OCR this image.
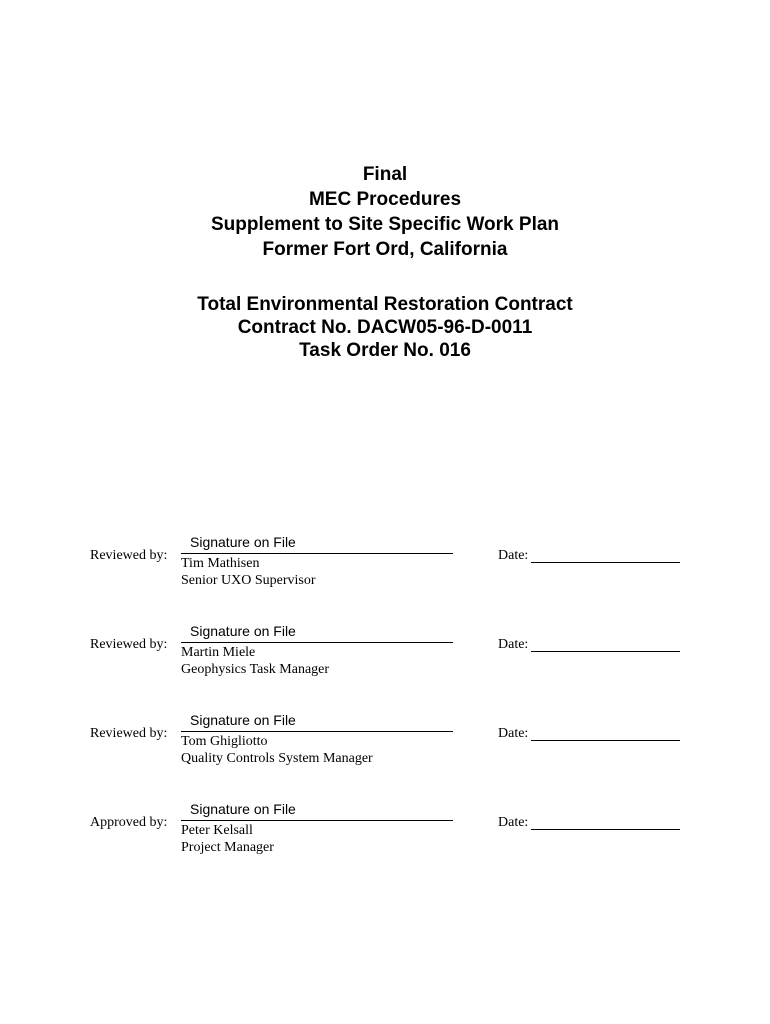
Final
MEC Procedures
Supplement to Site Specific Work Plan
Former Fort Ord, California
Total Environmental Restoration Contract
Contract No. DACW05-96-D-0011
Task Order No. 016
Reviewed by:
Signature on File
Tim Mathisen
Senior UXO Supervisor
Date:
Reviewed by:
Signature on File
Martin Miele
Geophysics Task Manager
Date:
Reviewed by:
Signature on File
Tom Ghigliotto
Quality Controls System Manager
Date:
Approved by:
Signature on File
Peter Kelsall
Project Manager
Date:
